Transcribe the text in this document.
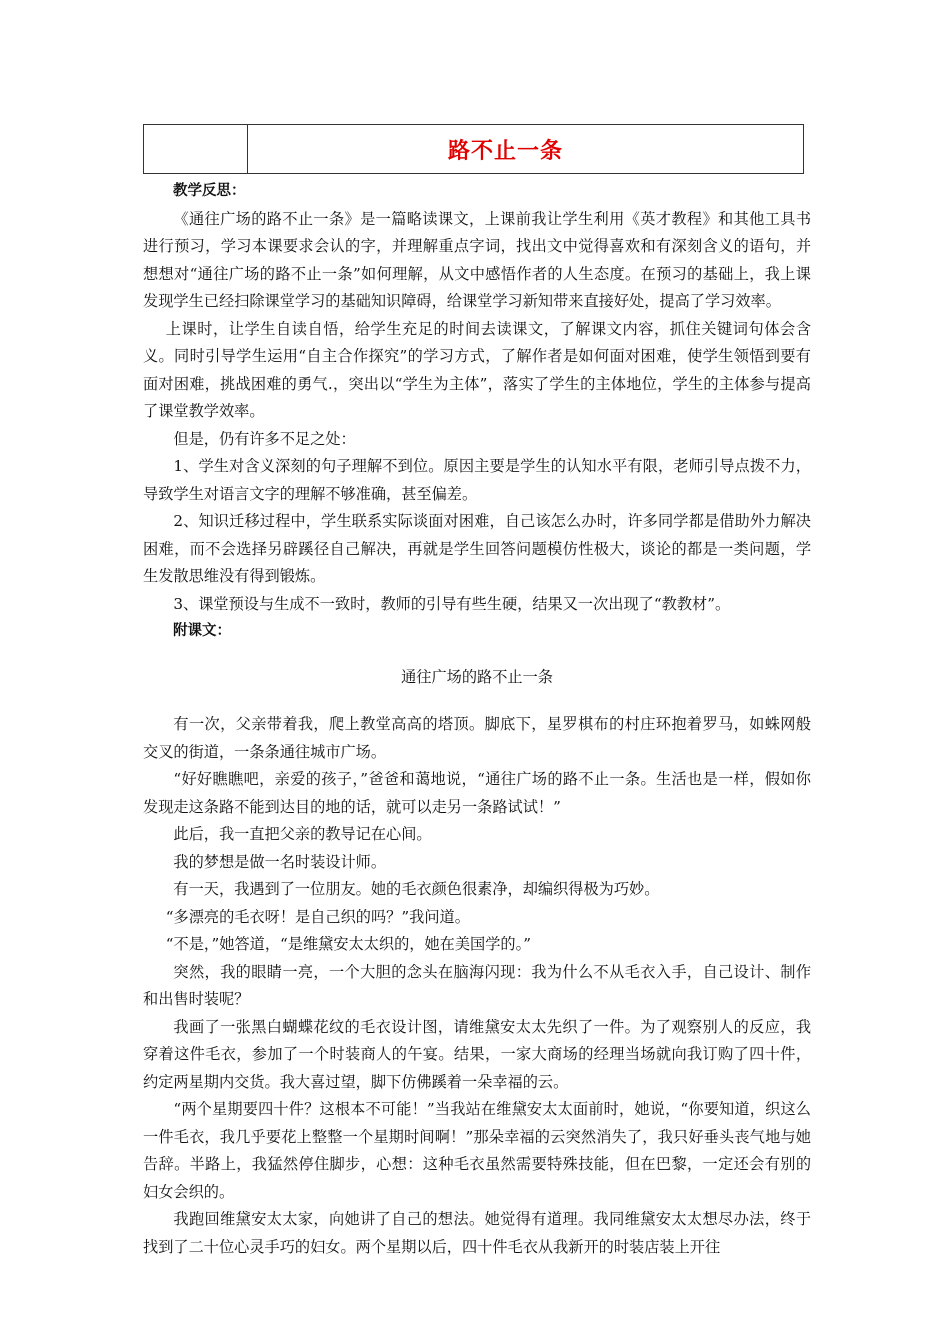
路不止一条

教学反思：

《通往广场的路不止一条》是一篇略读课文，上课前我让学生利用《英才教程》和其他工具书进行预习，学习本课要求会认的字，并理解重点字词，找出文中觉得喜欢和有深刻含义的语句，并想想对“通往广场的路不止一条”如何理解，从文中感悟作者的人生态度。在预习的基础上，我上课发现学生已经扫除课堂学习的基础知识障碍，给课堂学习新知带来直接好处，提高了学习效率。

上课时，让学生自读自悟，给学生充足的时间去读课文，了解课文内容，抓住关键词句体会含义。同时引导学生运用“自主合作探究”的学习方式，了解作者是如何面对困难，使学生领悟到要有面对困难，挑战困难的勇气.，突出以“学生为主体”，落实了学生的主体地位，学生的主体参与提高了课堂教学效率。

但是，仍有许多不足之处：

1、学生对含义深刻的句子理解不到位。原因主要是学生的认知水平有限，老师引导点拨不力，导致学生对语言文字的理解不够准确，甚至偏差。

2、知识迁移过程中，学生联系实际谈面对困难，自己该怎么办时，许多同学都是借助外力解决困难，而不会选择另辟蹊径自己解决，再就是学生回答问题模仿性极大，谈论的都是一类问题，学生发散思维没有得到锻炼。

3、课堂预设与生成不一致时，教师的引导有些生硬，结果又一次出现了“教教材”。

附课文：

通往广场的路不止一条

有一次，父亲带着我，爬上教堂高高的塔顶。脚底下，星罗棋布的村庄环抱着罗马，如蛛网般交叉的街道，一条条通往城市广场。

“好好瞧瞧吧，亲爱的孩子，”爸爸和蔼地说，“通往广场的路不止一条。生活也是一样，假如你发现走这条路不能到达目的地的话，就可以走另一条路试试！”

此后，我一直把父亲的教导记在心间。

我的梦想是做一名时装设计师。

有一天，我遇到了一位朋友。她的毛衣颜色很素净，却编织得极为巧妙。

“多漂亮的毛衣呀！是自己织的吗？”我问道。

“不是，”她答道，“是维黛安太太织的，她在美国学的。”

突然，我的眼睛一亮，一个大胆的念头在脑海闪现：我为什么不从毛衣入手，自己设计、制作和出售时装呢？

我画了一张黑白蝴蝶花纹的毛衣设计图，请维黛安太太先织了一件。为了观察别人的反应，我穿着这件毛衣，参加了一个时装商人的午宴。结果，一家大商场的经理当场就向我订购了四十件，约定两星期内交货。我大喜过望，脚下仿佛蹊着一朵幸福的云。

“两个星期要四十件？这根本不可能！”当我站在维黛安太太面前时，她说，“你要知道，织这么一件毛衣，我几乎要花上整整一个星期时间啊！”那朵幸福的云突然消失了，我只好垂头丧气地与她告辞。半路上，我猛然停住脚步，心想：这种毛衣虽然需要特殊技能，但在巴黎，一定还会有别的妇女会织的。

我跑回维黛安太太家，向她讲了自己的想法。她觉得有道理。我同维黛安太太想尽办法，终于找到了二十位心灵手巧的妇女。两个星期以后，四十件毛衣从我新开的时装店装上开往
